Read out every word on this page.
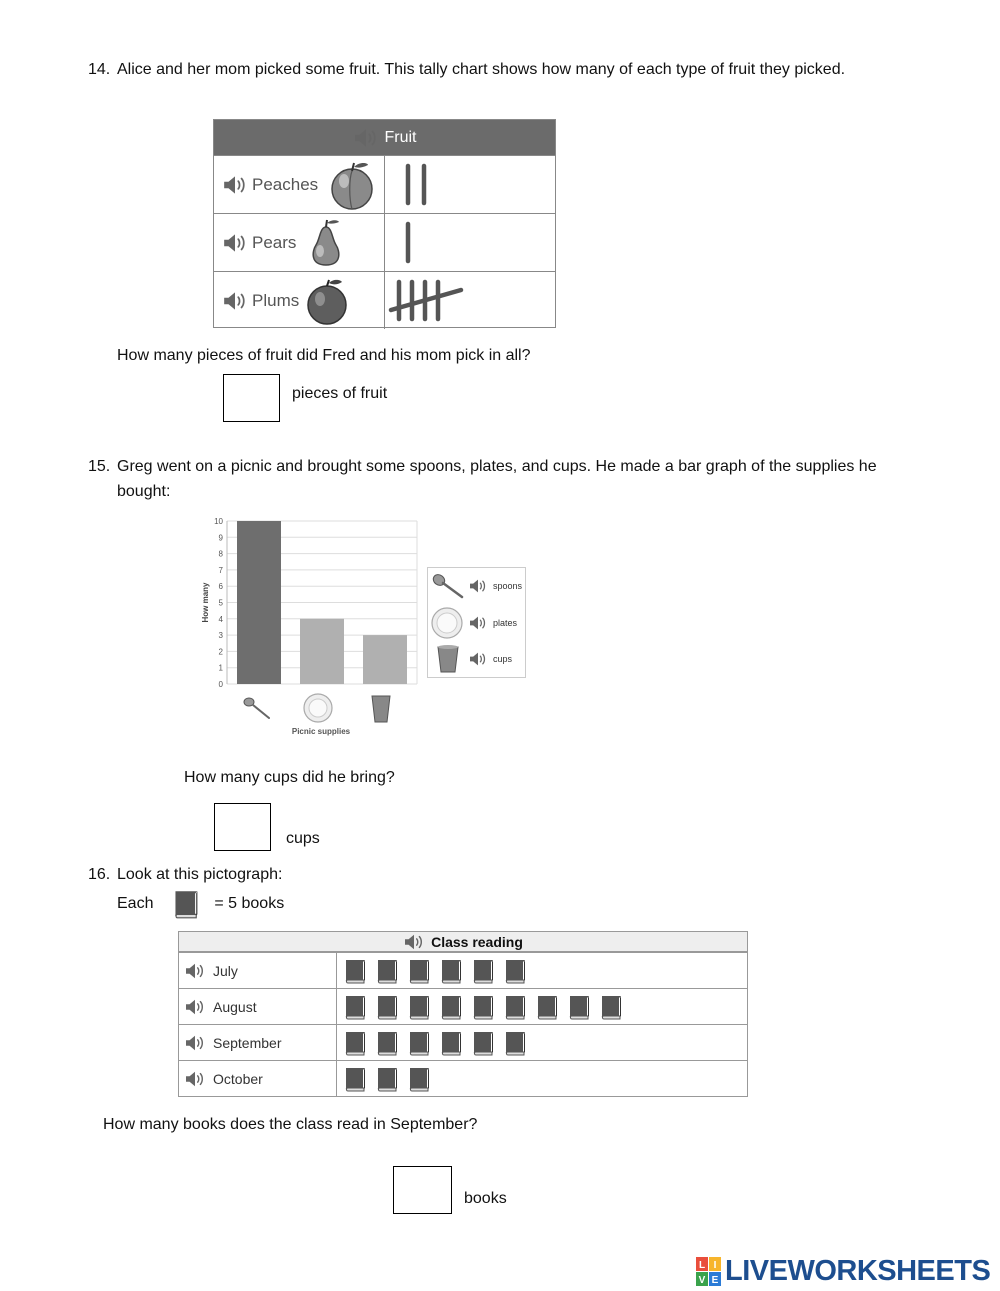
14. Alice and her mom picked some fruit. This tally chart shows how many of each type of fruit they picked.
Fruit
Peaches
Pears
Plums
How many pieces of fruit did Fred and his mom pick in all?
pieces of fruit
15. Greg went on a picnic and brought some spoons, plates, and cups. He made a bar graph of the supplies he
bought:
0
1
2
3
4
5
6
7
8
9
10
How many
Picnic supplies
spoons
plates
cups
How many cups did he bring?
cups
16. Look at this pictograph:
Each	= 5 books
Class reading
July
August
September
October
How many books does the class read in September?
books
L I
V E LIVEWORKSHEETS
